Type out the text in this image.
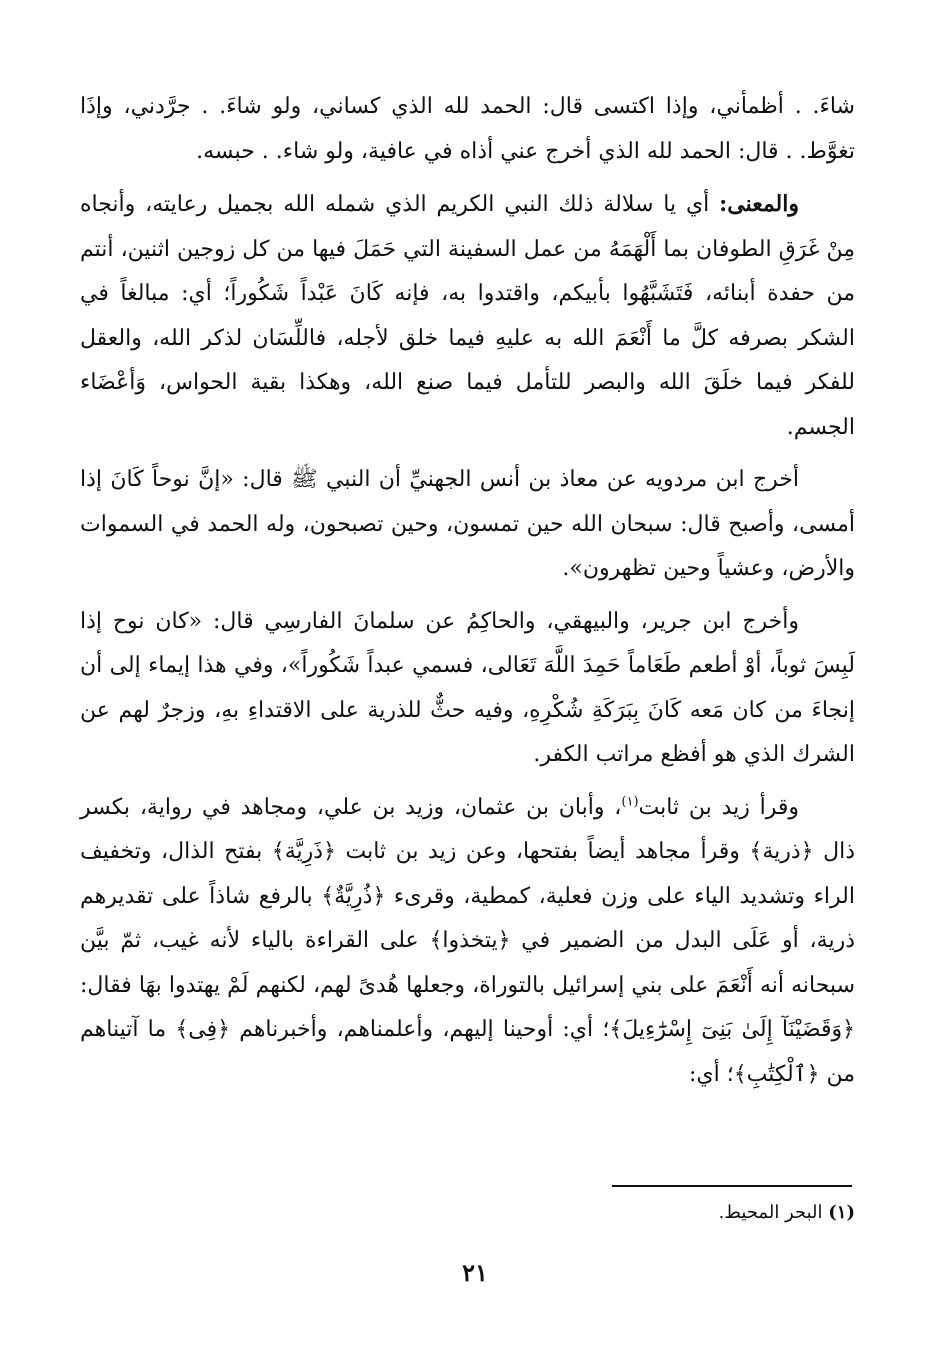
شاءَ. . أظمأني، وإذا اكتسى قال: الحمد لله الذي كساني، ولو شاءَ. . جرَّدني، وإذَا تغوَّط. . قال: الحمد لله الذي أخرج عني أذاه في عافية، ولو شاء. . حبسه.

والمعنى: أي يا سلالة ذلك النبي الكريم الذي شمله الله بجميل رعايته، وأنجاه مِنْ غَرَقِ الطوفان بما أَلْهَمَهُ من عمل السفينة التي حَمَلَ فيها من كل زوجين اثنين، أنتم من حفدة أبنائه، فَتَشَبَّهُوا بأبيكم، واقتدوا به، فإنه كَانَ عَبْداً شَكُوراً؛ أي: مبالغاً في الشكر بصرفه كلَّ ما أَنْعَمَ الله به عليهِ فيما خلق لأجله، فاللِّسَان لذكر الله، والعقل للفكر فيما خلَقَ الله والبصر للتأمل فيما صنع الله، وهكذا بقية الحواس، وَأعْضَاء الجسم.

أخرج ابن مردويه عن معاذ بن أنس الجهنيِّ أن النبي ﷺ قال: «إنَّ نوحاً كَانَ إذا أمسى، وأصبح قال: سبحان الله حين تمسون، وحين تصبحون، وله الحمد في السموات والأرض، وعشياً وحين تظهرون».

وأخرج ابن جرير، والبيهقي، والحاكِمُ عن سلمانَ الفارسِي قال: «كان نوح إذا لَبِسَ ثوباً، أوْ أطعم طَعَاماً حَمِدَ اللَّهَ تَعَالى، فسمي عبداً شَكُوراً»، وفي هذا إيماء إلى أن إنجاءَ من كان مَعه كَانَ بِبَرَكَةِ شُكْرِهِ، وفيه حثٌّ للذرية على الاقتداءِ بهِ، وزجرٌ لهم عن الشرك الذي هو أفظع مراتب الكفر.

وقرأ زيد بن ثابت$^{(١)}$، وأبان بن عثمان، وزيد بن علي، ومجاهد في رواية، بكسر ذال ﴿ذرية﴾ وقرأ مجاهد أيضاً بفتحها، وعن زيد بن ثابت ﴿ذَرِيَّة﴾ بفتح الذال، وتخفيف الراء وتشديد الياء على وزن فعلية، كمطية، وقرىء ﴿ذُرِيَّةٌ﴾ بالرفع شاذاً على تقديرهم ذرية، أو عَلَى البدل من الضمير في ﴿يتخذوا﴾ على القراءة بالياء لأنه غيب، ثمّ بيَّن سبحانه أنه أَنْعَمَ على بني إسرائيل بالتوراة، وجعلها هُدىً لهم، لكنهم لَمْ يهتدوا بهَا فقال: ﴿وَقَضَيْنَآ إِلَىٰ بَنِىٓ إِسْرَٰٓءِيلَ﴾؛ أي: أوحينا إليهم، وأعلمناهم، وأخبرناهم ﴿فِى﴾ ما آتيناهم من ﴿ٱلْكِتَٰبِ﴾؛ أي:

(١) البحر المحيط.
٢١
